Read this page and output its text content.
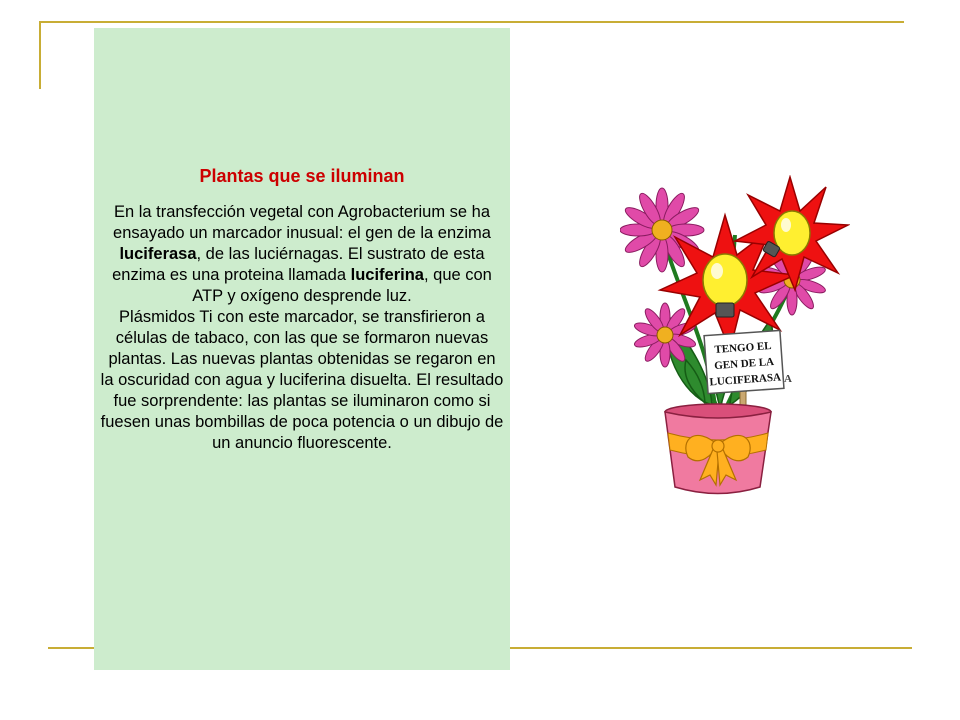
Plantas que se iluminan

En la transfección vegetal con Agrobacterium se ha ensayado un marcador inusual: el gen de la enzima luciferasa, de las luciérnagas. El sustrato de esta enzima es una proteina llamada luciferina, que con ATP y oxígeno desprende luz.
Plásmidos Ti con este marcador, se transfirieron a células de tabaco, con las que se formaron nuevas plantas. Las nuevas plantas obtenidas se regaron en la oscuridad con agua y luciferina disuelta. El resultado fue sorprendente: las plantas se iluminaron como si fuesen unas bombillas de poca potencia o un dibujo de un anuncio fluorescente.

TENGO EL
GEN DE LA
LUCIFERASA A
